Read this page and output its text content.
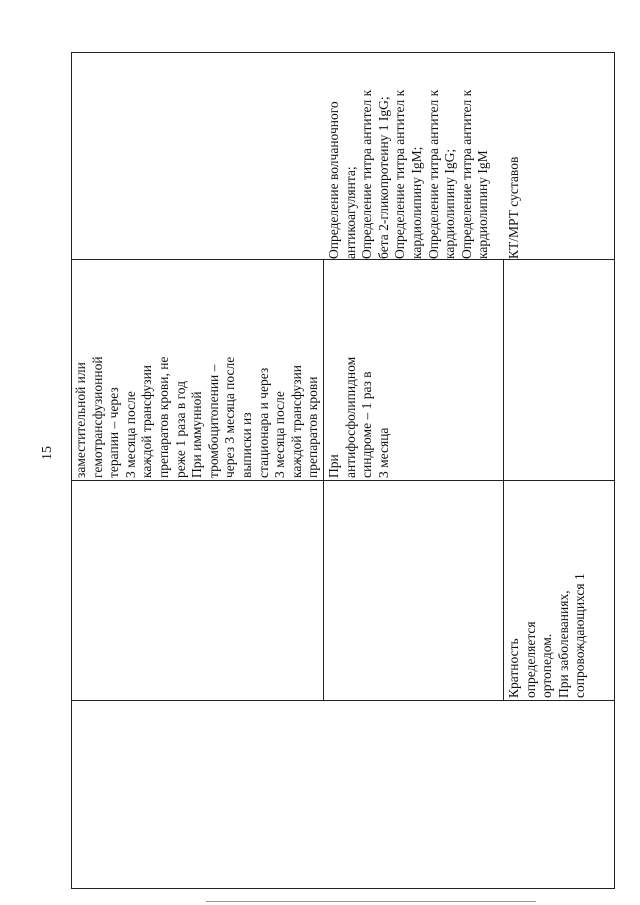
15 заместительной или гемотрансфузионной терапии – через 3 месяца после каждой трансфузии препаратов крови, не реже 1 раза в год При иммунной тромбоцитопении – через 3 месяца после выписки из стационара и через 3 месяца после каждой трансфузии препаратов крови При антифосфолипидном синдроме – 1 раз в 3 месяца
Кратность определяется ортопедом. При заболеваниях, сопровождающихся 1
Определение волчаночного антикоагулянта; Определение титра антител к бета 2-гликопротеину 1 IgG; Определение титра антител к кардиолипину IgM; Определение титра антител к кардиолипину IgG; Определение титра антител к кардиолипину IgM КТ/МРТ суставов
